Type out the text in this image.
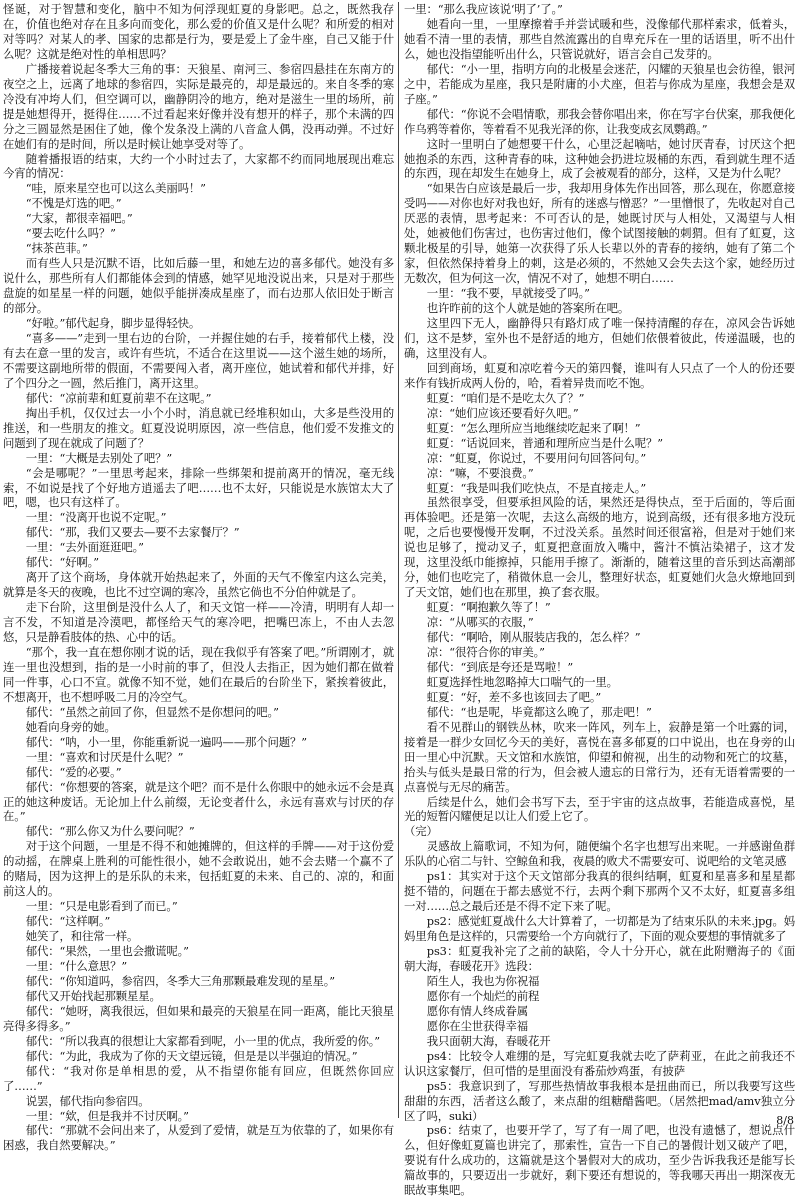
怪诞，对于智慧和变化，脑中不知为何浮现虹夏的身影吧。总之，既然我存在，价值也绝对存在且多向而变化，那么爱的价值又是什么呢？和所爱的相对对等吗？对某人的孝、国家的忠都是行为，要是爱上了金牛座，自己又能于什么呢？这就是绝对性的单相思吗？

广播接着说起冬季大三角的事：天狼星、南河三、参宿四悬挂在东南方的夜空之上，远离了地球的参宿四，实际是最亮的，却是最远的。来自冬季的寒冷没有冲垮人们，但空调可以，幽静阴冷的地方，绝对是滋生一里的场所，前提是她想得开，挺得住……不过看起来好像并没有想开的样子，那个未满的四分之三圆显然是困住了她，像个发条没上满的八音盒人偶，没再动弹。不过好在她们有的是时间，所以是时候让她享受对等了。

随着播报语的结束，大约一个小时过去了，大家都不约而同地展现出难忘今宵的情况：

“哇，原来星空也可以这么美丽吗！”

“不愧是灯选的吧。”

“大家，都很幸福吧。”

“要去吃什么吗？”

“抹茶芭菲。”

而有些人只是沉默不语，比如后藤一里，和她左边的喜多郁代。她没有多说什么，那些所有人们都能体会到的情感，她罕见地没说出来，只是对于那些盘旋的如星星一样的问题，她似乎能拼凑成星座了，而右边那人依旧处于断言的部分。

“好啦。”郁代起身，脚步显得轻快。

“喜多——”走到一里右边的台阶，一并握住她的右手，接着郁代上楼，没有去在意一里的发言，或许有些坑，不适合在这里说——这个滋生她的场所，不需要这副地所带的假面，不需要闯入者，离开座位，她试着和郁代并排，好了个四分之一圆，然后推门，离开这里。

郁代：“凉前辈和虹夏前辈不在这呢。”

掏出手机，仅仅过去一小个小时，消息就已经堆积如山，大多是些没用的推送，和一些朋友的推文。虹夏没说明原因，凉一些信息，他们爱不发推文的问题到了现在就成了问题了？

一里：“大概是去别处了吧？”

“会是哪呢？”一里思考起来，排除一些绑架和提前离开的情况，毫无线索，不如说是找了个好地方逍遥去了吧……也不太好，只能说是水族馆太大了吧，嗯，也只有这样了。

一里：“没离开也说不定呢。”

郁代：“那，我们又要去—要不去家餐厅？”

一里：“去外面逛逛吧。”

郁代：“好啊。”

离开了这个商场，身体就开始热起来了，外面的天气不像室内这么完美，就算是冬天的夜晚，也比不过空调的寒冷，虽然它倘也不分伯仲就是了。

走下台阶，这里倒是没什么人了，和天文馆一样——冷清，明明有人却一言不发，不知道是冷漠吧，都怪给天气的寒冷吧，把嘴巴冻上，不由人去忽悠，只是静看肢体的热、心中的话。

“那个，我一直在想你刚才说的话，现在我似乎有答案了吧。”所谓刚才，就连一里也没想到，指的是一小时前的事了，但没人去指正，因为她们都在做着同一件事，心口不宣。就像不知不觉，她们在最后的台阶坐下，紧挨着彼此，不想离开，也不想呼吸二月的冷空气。

郁代：“虽然之前回了你，但显然不是你想问的吧。”

她看向身旁的她。

郁代：“呐，小一里，你能重新说一遍吗——那个问题？”

一里：“喜欢和讨厌是什么呢？”

郁代：“爱的必要。”

郁代：“你想要的答案，就是这个吧？而不是什么你眼中的她永远不会是真正的她这种废话。无论加上什么前缀，无论变者什么，永远有喜欢与讨厌的存在。”

郁代：“那么你又为什么要问呢？”

对于这个问题，一里是不得不和她摊牌的，但这样的手牌——对于这份爱的动摇，在牌桌上胜利的可能性很小，她不会敢说出，她不会去赌一个赢不了的赌局，因为这押上的是乐队的未来，包括虹夏的未来、自己的、凉的，和面前这人的。

一里：“只是电影看到了而已。”

郁代：“这样啊。”

她笑了，和往常一样。

郁代：“果然，一里也会撒谎呢。”

一里：“什么意思？”

郁代：“你知道吗，参宿四，冬季大三角那颗最难发现的星星。”

郁代又开始找起那颗星星。

郁代：“她呀，离我很远，但如果和最亮的天狼星在同一距离，能比天狼星亮得多得多。”

郁代：“所以我真的很想让大家都看到呢，小一里的优点，我所爱的你。”

郁代：“为此，我成为了你的天文望远镜，但是是以半强迫的情况。”

郁代：“我对你是单相思的爱，从不指望你能有回应，但既然你回应了……”

说罢，郁代指向参宿四。

一里：“欸，但是我并不讨厌啊。”

郁代：“那就不会问出来了，从爱到了爱情，就是互为依靠的了，如果你有困惑，我自然要解决。”

一里：“那么我应该说‘明了’了。”

她看向一里，一里摩擦着手并尝试暖和些，没像郁代那样索求，低着头，她看不清一里的表情，那些自然流露出的自卑充斥在一里的话语里，听不出什么，她也没指望能听出什么，只管说就好，语言会自己发芽的。

郁代：“小一里，指明方向的北极星会迷茫，闪耀的天狼星也会彷徨，银河之中，若能成为星座，我只是附庸的小犬座，但若与你成为星座，我想会是双子座。”

郁代：“你说不会唱情歌，那我会替你唱出来，你在写字台伏案，那我便化作乌鸦等着你，等着看不见我光泽的你，让我变成玄凤鹦鹉。”

这时一里明白了她想要干什么，心里泛起嘀咕，她讨厌青春，讨厌这个把她抱杀的东西，这种青春的味，这种她会扔进垃圾桶的东西，看到就生理不适的东西，现在却发生在她身上，成了会被观看的部分，这样，又是为什么呢？

“如果告白应该是最后一步，我却用身体先作出回答，那么现在，你愿意接受吗——对你也好对我也好，所有的迷惑与憎恶？”一里憎恨了，先收起对自己厌恶的表情，思考起来：不可否认的是，她既讨厌与人相处，又渴望与人相处，她被他们伤害过，也伤害过他们，像个试图接触的刺猬。但有了虹夏，这颗北极星的引导，她第一次获得了乐人长辈以外的青春的接纳，她有了第二个家，但依然保持着身上的刺，这是必须的，不然她又会失去这个家，她经历过无数次，但为何这一次，情况不对了，她想不明白……

一里：“我不要，早就接受了吗。”

也许昨前的这个人就是她的答案所在吧。

这里四下无人，幽静得只有路灯成了唯一保持清醒的存在，凉风会告诉她们，这不是梦，室外也不是舒适的地方，但她们依偎着彼此，传递温暖，也的确，这里没有人。

回到商场，虹夏和凉吃着今天的第四餐，谁叫有人只点了一个人的份还要来作有钱折成两人份的，哈，看着异贵而吃不饱。

虹夏：“咱们是不是吃太久了？”

凉：“她们应该还要看好久吧。”

虹夏：“怎么理所应当地继续吃起来了啊！”

虹夏：“话说回来，普通和理所应当是什么呢？”

凉：“虹夏，你说过，不要用问句回答问句。”

凉：“嘛，不要浪费。”

虹夏：“我是叫我们吃快点，不是直接走人。”

虽然很享受，但要承担风险的话，果然还是得快点，至于后面的，等后面再体验吧。还是第一次呢，去这么高级的地方，说到高级，还有很多地方没玩呢，之后也要慢慢开发啊，不过没关系。虽然时间还很富裕，但是对于她们来说也足够了，搅动叉子，虹夏把意面放入嘴中，酱汁不慎沾染裙子，这才发现，这里没纸巾能擦掉，只能用手擦了。渐渐的，随着这里的音乐到达高潮部分，她们也吃完了，稍微休息一会儿，整理好状态，虹夏她们火急火燎地回到了天文馆，她们也在那里，换了套衣服。

虹夏：“啊抱歉久等了！”

凉：“从哪买的衣服，”

郁代：“啊哈，刚从服装店我的，怎么样？”

凉：“很符合你的审美。”

郁代：“到底是夸还是骂啦！”

虹夏选择性地忽略掉大口喘气的一里。

虹夏：“好，差不多也该回去了吧。”

郁代：“也是呢，毕竟都这么晚了，那走吧！”

看不见群山的钢铁丛林，吹来一阵风，列车上，寂静是第一个吐露的词，接着是一群少女回忆今天的美好，喜悦在喜多郁夏的口中说出，也在身旁的山田一里心中沉默。天文馆和水族馆，仰望和俯视，出生的动物和死亡的坟墓，抬头与低头是最日常的行为，但会被人遗忘的日常行为，还有无语着需要的一点喜悦与无尽的痛苦。

后续是什么，她们会书写下去，至于宇宙的这点故事，若能造成喜悦，星光的短暂闪耀便足以让人们爱上它了。

（完）

灵感故上篇歌词，不知为何，随便编个名字也想写出来呢。一并感谢鱼群乐队的心宿二与针、空鲸鱼和我，夜晨的败犬不需要安可、说吧给的文笔灵感

ps1：其实对于这个天文馆部分我真的很纠结啊，虹夏和星喜多和星星都挺不错的，问题在于都去感觉不行，去两个剩下那两个又不太好，虹夏喜多组一对……总之最后还是不得不定下来了呢。

ps2：感觉虹夏战什么大计算着了，一切都是为了结束乐队的未来.jpg。妈妈里角色是这样的，只需要给一个方向就行了，下面的观众要想的事情就多了

ps3：虹夏我补完了之前的缺陷，令人十分开心，就在此附赠海子的《面朝大海，春暖花开》选段：

陌生人，我也为你祝福

愿你有一个灿烂的前程

愿你有情人终成眷属

愿你在尘世获得幸福

我只面朝大海，春暖花开

ps4：比较令人难绷的是，写完虹夏我就去吃了萨莉亚，在此之前我还不认识这家餐厅，但可惜的是里面没有番茄炒鸡蛋，有披萨

ps5：我意识到了，写那些热情故事我根本是扭曲而已，所以我要写这些甜甜的东西，活者这么酸了，来点甜的组糖醋酱吧。（居然把mad/amv独立分区了吗，suki）

ps6：结束了，也要开学了，写了有一周了吧，也没有遗憾了，想说点什么，但好像虹夏篇也讲完了，那索性，宣告一下自己的暑假计划又破产了吧，要说有什么成功的，这篇就是这个暑假对大的成功，至少告诉我我还是能写长篇故事的，只要迈出一步就好，剩下要还有想说的，等我哪天再出一期深夜无眠故事集吧。

8/8
